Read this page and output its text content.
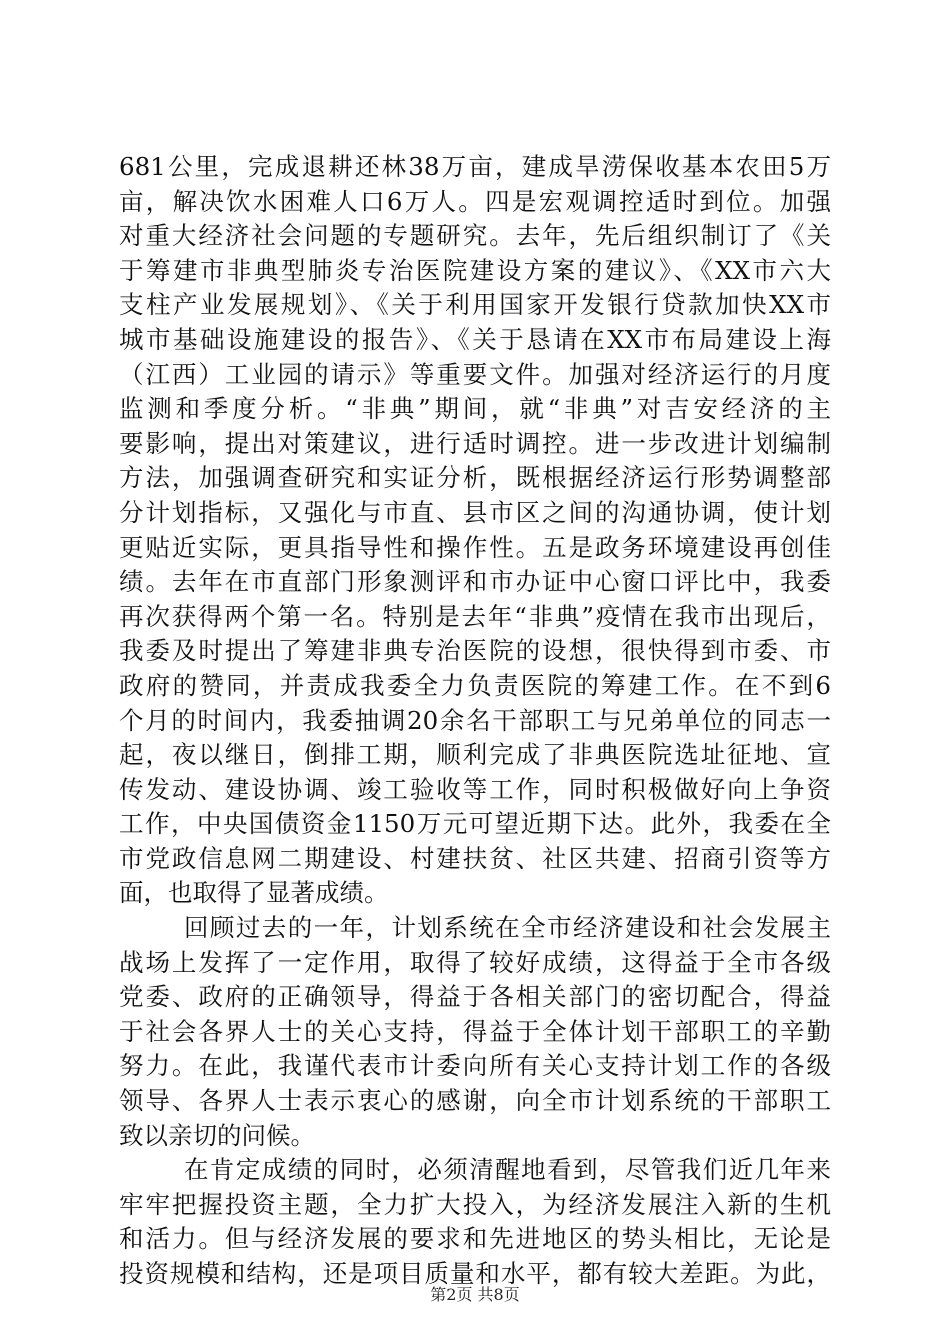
681公里，完成退耕还林38万亩，建成旱涝保收基本农田5万
亩，解决饮水困难人口6万人。四是宏观调控适时到位。加强
对重大经济社会问题的专题研究。去年，先后组织制订了《关
于筹建市非典型肺炎专治医院建设方案的建议》、《XX市六大
支柱产业发展规划》、《关于利用国家开发银行贷款加快XX市
城市基础设施建设的报告》、《关于恳请在XX市布局建设上海
（江西）工业园的请示》等重要文件。加强对经济运行的月度
监测和季度分析。“非典”期间，就“非典”对吉安经济的主
要影响，提出对策建议，进行适时调控。进一步改进计划编制
方法，加强调查研究和实证分析，既根据经济运行形势调整部
分计划指标，又强化与市直、县市区之间的沟通协调，使计划
更贴近实际，更具指导性和操作性。五是政务环境建设再创佳
绩。去年在市直部门形象测评和市办证中心窗口评比中，我委
再次获得两个第一名。特别是去年“非典”疫情在我市出现后，
我委及时提出了筹建非典专治医院的设想，很快得到市委、市
政府的赞同，并责成我委全力负责医院的筹建工作。在不到6
个月的时间内，我委抽调20余名干部职工与兄弟单位的同志一
起，夜以继日，倒排工期，顺利完成了非典医院选址征地、宣
传发动、建设协调、竣工验收等工作，同时积极做好向上争资
工作，中央国债资金1150万元可望近期下达。此外，我委在全
市党政信息网二期建设、村建扶贫、社区共建、招商引资等方
面，也取得了显著成绩。
回顾过去的一年，计划系统在全市经济建设和社会发展主
战场上发挥了一定作用，取得了较好成绩，这得益于全市各级
党委、政府的正确领导，得益于各相关部门的密切配合，得益
于社会各界人士的关心支持，得益于全体计划干部职工的辛勤
努力。在此，我谨代表市计委向所有关心支持计划工作的各级
领导、各界人士表示衷心的感谢，向全市计划系统的干部职工
致以亲切的问候。
在肯定成绩的同时，必须清醒地看到，尽管我们近几年来
牢牢把握投资主题，全力扩大投入，为经济发展注入新的生机
和活力。但与经济发展的要求和先进地区的势头相比，无论是
投资规模和结构，还是项目质量和水平，都有较大差距。为此，
第2页 共8页
